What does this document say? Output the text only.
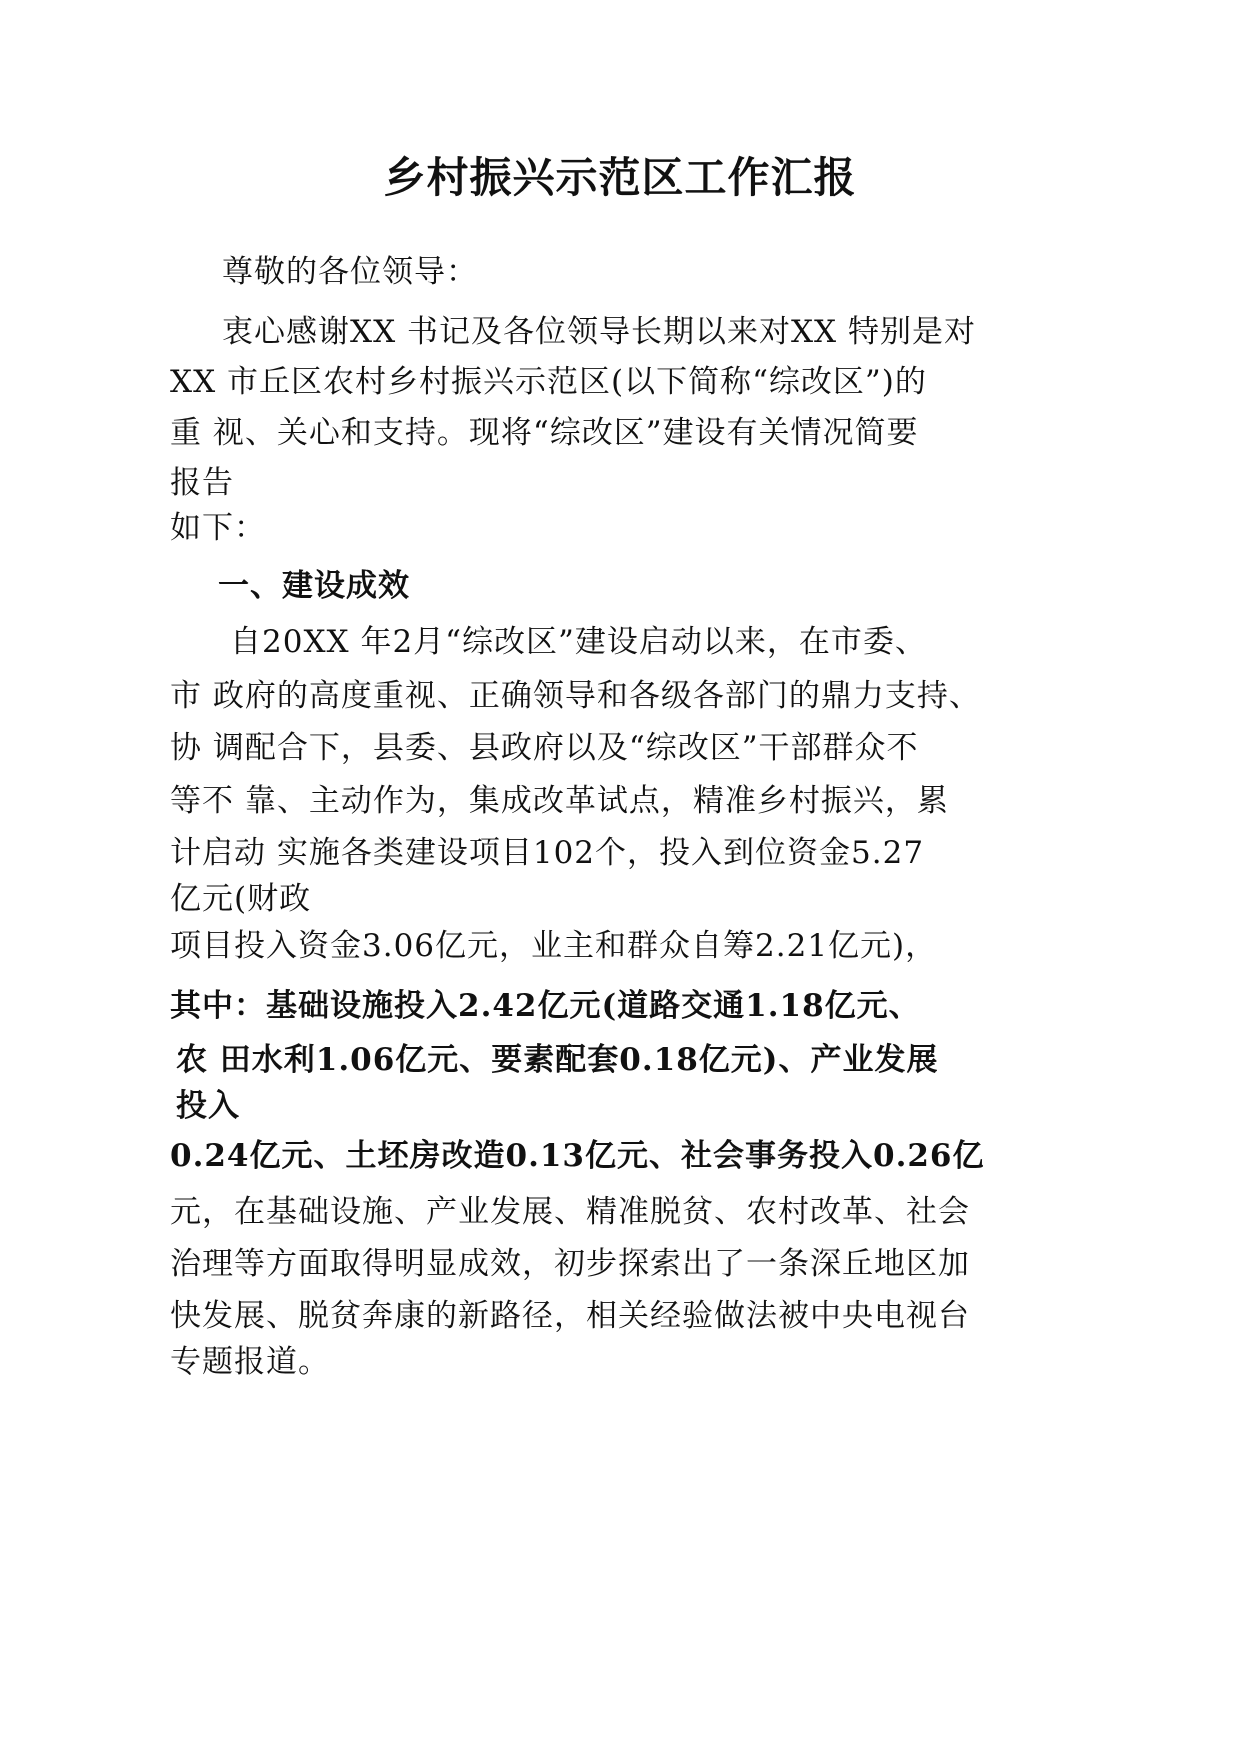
乡村振兴示范区工作汇报
尊敬的各位领导：
衷心感谢XX 书记及各位领导长期以来对XX 特别是对
XX 市丘区农村乡村振兴示范区(以下简称“综改区”)的
重 视、关心和支持。现将“综改区”建设有关情况简要
报告
如下：
一、建设成效
自20XX 年2月“综改区”建设启动以来，在市委、
市 政府的高度重视、正确领导和各级各部门的鼎力支持、
协 调配合下，县委、县政府以及“综改区”干部群众不
等不 靠、主动作为，集成改革试点，精准乡村振兴，累
计启动 实施各类建设项目102个，投入到位资金5.27
亿元(财政
项目投入资金3.06亿元，业主和群众自筹2.21亿元)，
其中：基础设施投入2.42亿元(道路交通1.18亿元、
农 田水利1.06亿元、要素配套0.18亿元)、产业发展
投入
0.24亿元、土坯房改造0.13亿元、社会事务投入0.26亿
元，在基础设施、产业发展、精准脱贫、农村改革、社会
治理等方面取得明显成效，初步探索出了一条深丘地区加
快发展、脱贫奔康的新路径，相关经验做法被中央电视台
专题报道。
